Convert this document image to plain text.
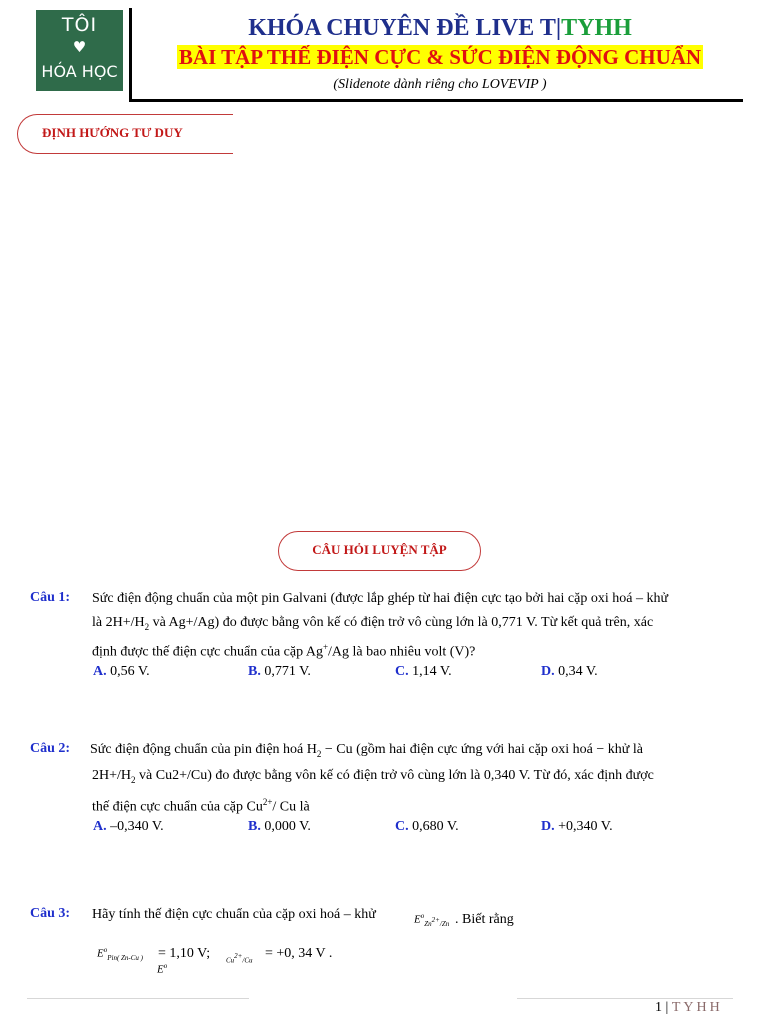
TÔI
♥
HÓA HỌC
KHÓA CHUYÊN ĐỀ LIVE T|TYHH
BÀI TẬP THẾ ĐIỆN CỰC & SỨC ĐIỆN ĐỘNG CHUẨN
(Slidenote dành riêng cho LOVEVIP )
ĐỊNH HƯỚNG TƯ DUY
CÂU HỎI LUYỆN TẬP
Câu 1: Sức điện động chuẩn của một pin Galvani (được lắp ghép từ hai điện cực tạo bởi hai cặp oxi hoá – khử
là $2H+/H_2$ và Ag+/Ag) đo được bằng vôn kế có điện trở vô cùng lớn là 0,771 V. Từ kết quả trên, xác
định được thế điện cực chuẩn của cặp Ag+/Ag là bao nhiêu volt (V)?
A. 0,56 V.	B. 0,771 V.	C. 1,14 V.	D. 0,34 V.
Câu 2: Sức điện động chuẩn của pin điện hoá $H_2 - Cu$ (gồm hai điện cực ứng với hai cặp oxi hoá − khử là
$2H+/H_2$ và Cu2+/Cu) đo được bằng vôn kế có điện trở vô cùng lớn là 0,340 V. Từ đó, xác định được
thế điện cực chuẩn của cặp $Cu^{2+}/$ Cu là
A. –0,340 V.	B. 0,000 V.	C. 0,680 V.	D. +0,340 V.
Câu 3: Hãy tính thế điện cực chuẩn của cặp oxi hoá – khử	$E^o_{Zn^{2+}/Zn}$ . Biết rằng
$E^o_{Pin( Zn-Cu )} = 1,10$ V; $Cu^{2+}/Cu = +0$, 34 V .
$E^o$
1 | TYHH
